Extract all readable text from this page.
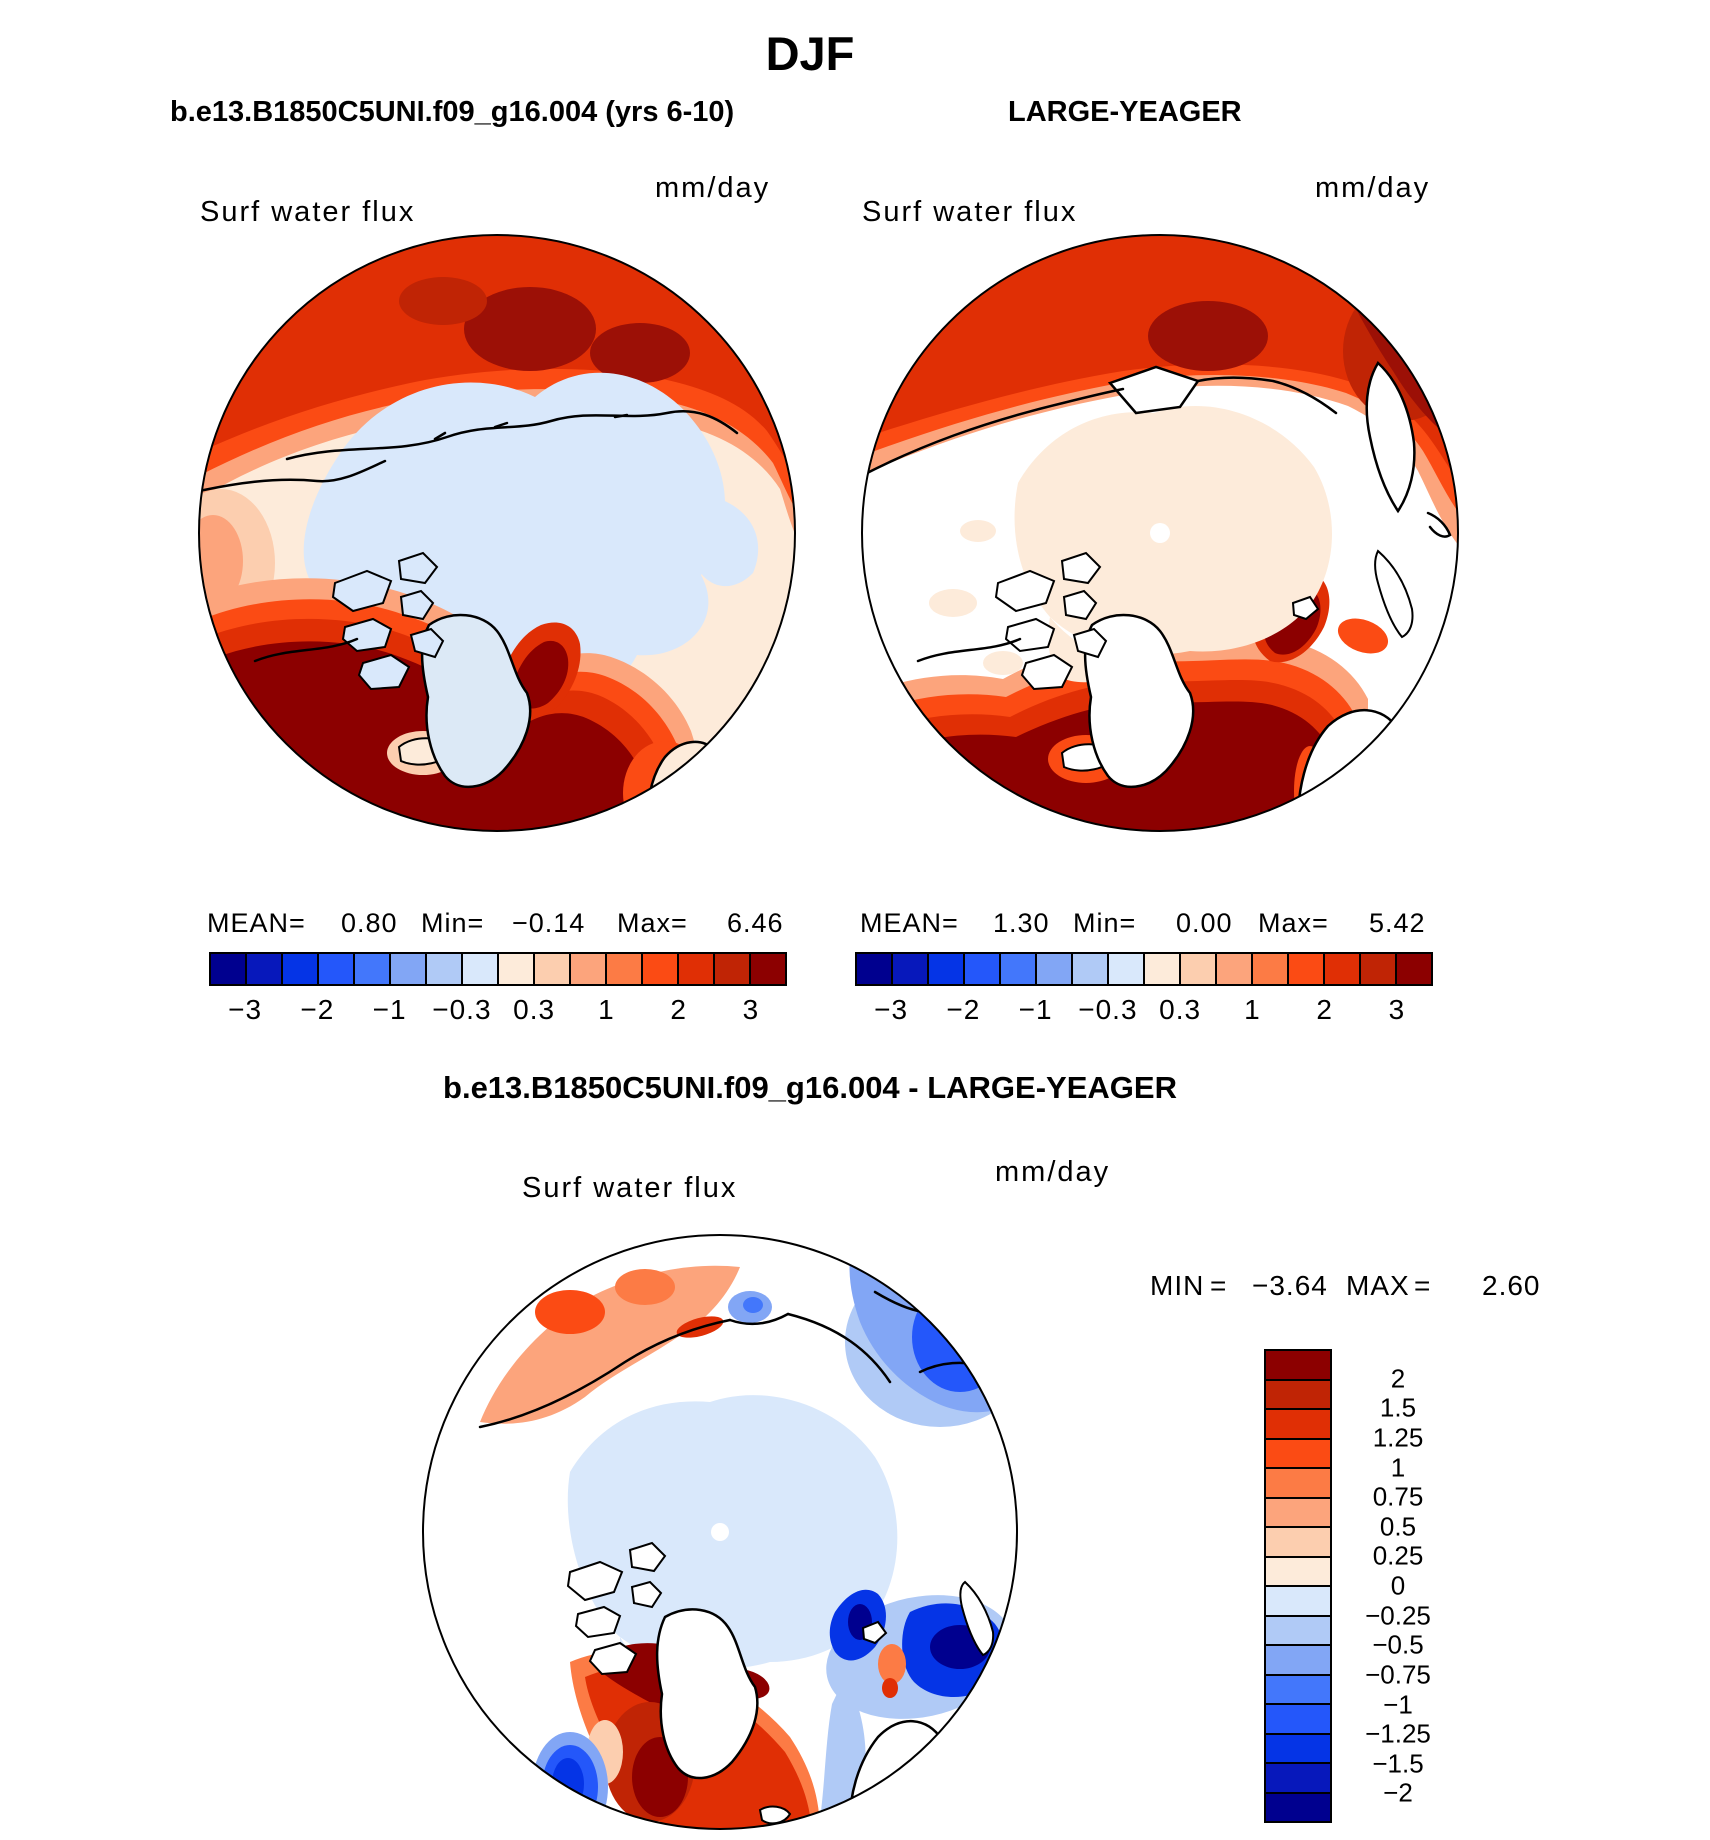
DJF
b.e13.B1850C5UNI.f09_g16.004 (yrs 6-10)	LARGE-YEAGER
Surf water flux
mm/day
Surf water flux
mm/day
MEAN= 0.80 Min= −0.14 Max= 6.46	MEAN= 1.30 Min= 0.00 Max= 5.42
−3 −2 −1 −0.3 0.3 1 2 3	−3 −2 −1 −0.3 0.3 1 2 3
b.e13.B1850C5UNI.f09_g16.004 - LARGE-YEAGER
Surf water flux	mm/day
MIN = −3.64 MAX = 2.60
2
1.5
1.25
1
0.75
0.5
0.25
0
−0.25
−0.5
−0.75
−1
−1.25
−1.5
−2
